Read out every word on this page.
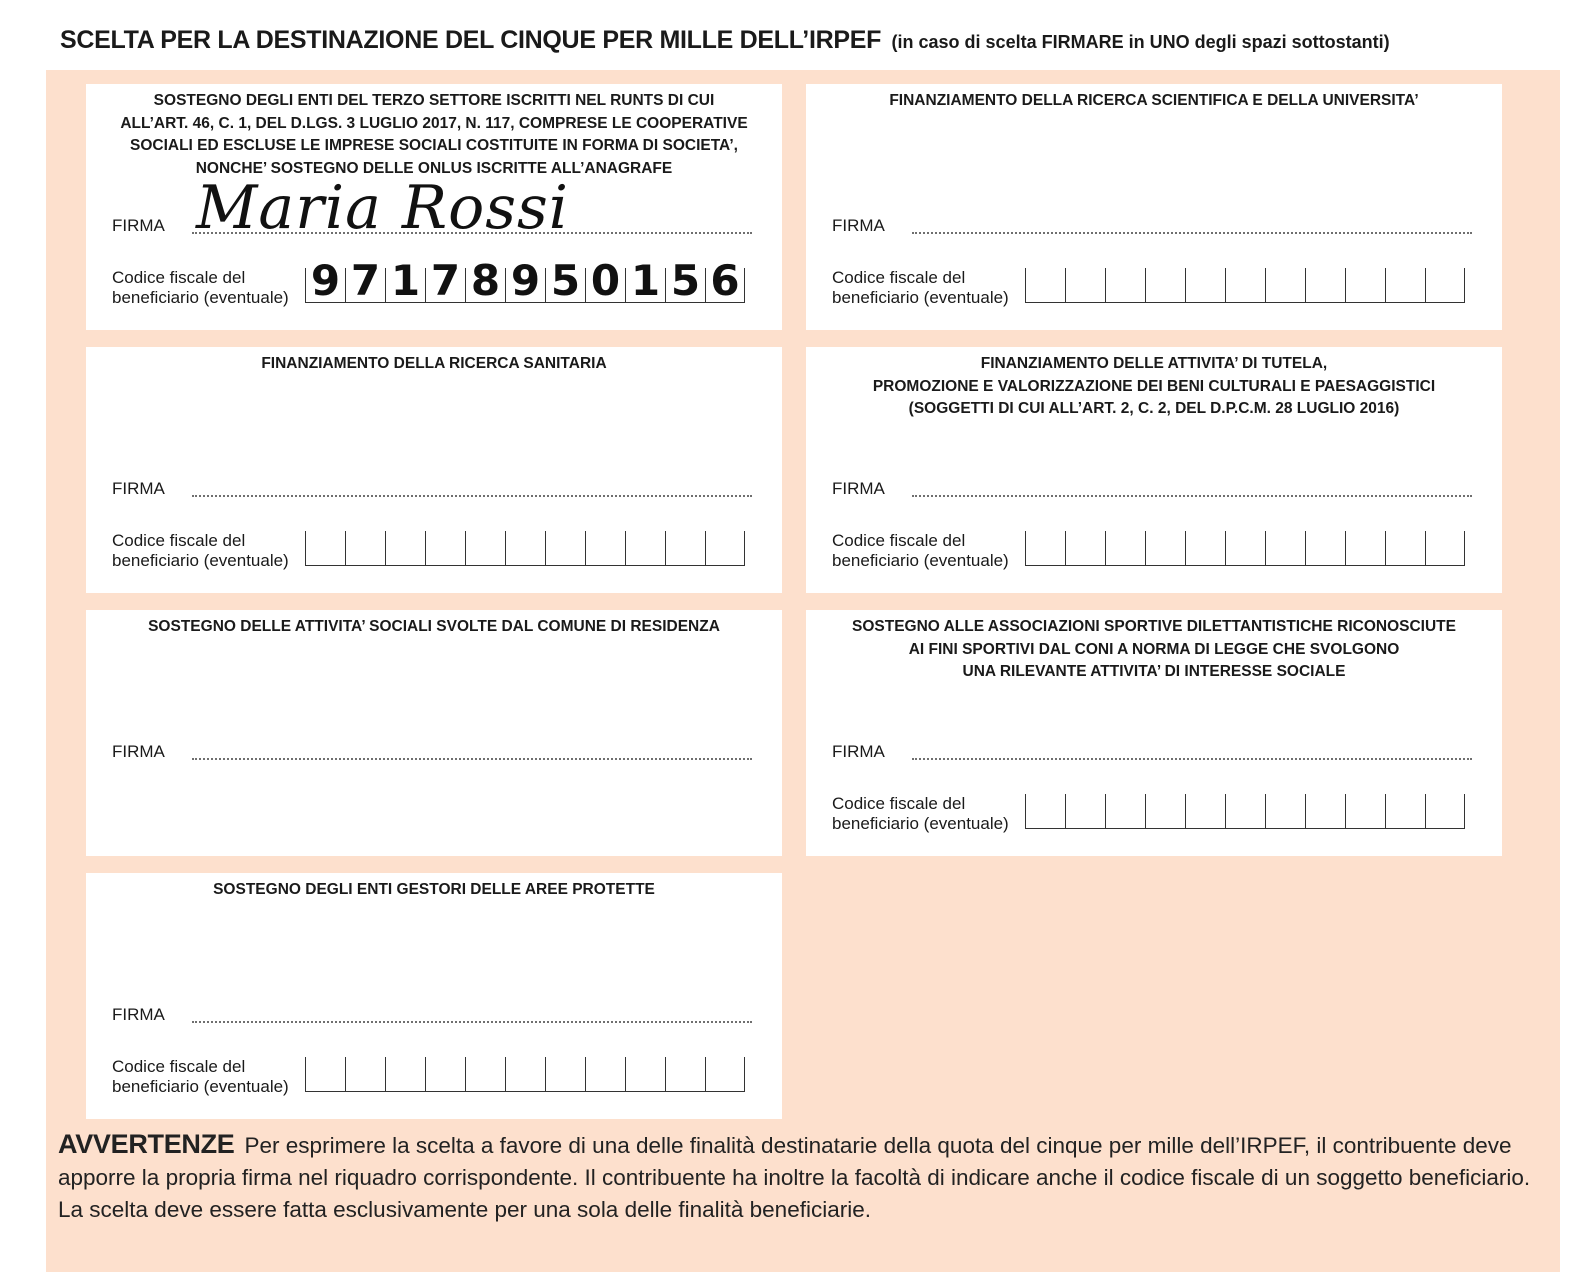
SCELTA PER LA DESTINAZIONE DEL CINQUE PER MILLE DELL’IRPEF (in caso di scelta FIRMARE in UNO degli spazi sottostanti)
SOSTEGNO DEGLI ENTI DEL TERZO SETTORE ISCRITTI NEL RUNTS DI CUI
ALL’ART. 46, C. 1, DEL D.LGS. 3 LUGLIO 2017, N. 117, COMPRESE LE COOPERATIVE
SOCIALI ED ESCLUSE LE IMPRESE SOCIALI COSTITUITE IN FORMA DI SOCIETA’,
NONCHE’ SOSTEGNO DELLE ONLUS ISCRITTE ALL’ANAGRAFE
FIRMA Maria Rossi
Codice fiscale del
beneficiario (eventuale) 9 7 1 7 8 9 5 0 1 5 6
FINANZIAMENTO DELLA RICERCA SCIENTIFICA E DELLA UNIVERSITA’
FIRMA
Codice fiscale del
beneficiario (eventuale)
FINANZIAMENTO DELLA RICERCA SANITARIA
FIRMA
Codice fiscale del
beneficiario (eventuale)
FINANZIAMENTO DELLE ATTIVITA’ DI TUTELA,
PROMOZIONE E VALORIZZAZIONE DEI BENI CULTURALI E PAESAGGISTICI
(SOGGETTI DI CUI ALL’ART. 2, C. 2, DEL D.P.C.M. 28 LUGLIO 2016)
FIRMA
Codice fiscale del
beneficiario (eventuale)
SOSTEGNO DELLE ATTIVITA’ SOCIALI SVOLTE DAL COMUNE DI RESIDENZA
FIRMA
SOSTEGNO ALLE ASSOCIAZIONI SPORTIVE DILETTANTISTICHE RICONOSCIUTE
AI FINI SPORTIVI DAL CONI A NORMA DI LEGGE CHE SVOLGONO
UNA RILEVANTE ATTIVITA’ DI INTERESSE SOCIALE
FIRMA
Codice fiscale del
beneficiario (eventuale)
SOSTEGNO DEGLI ENTI GESTORI DELLE AREE PROTETTE
FIRMA
Codice fiscale del
beneficiario (eventuale)
AVVERTENZE Per esprimere la scelta a favore di una delle finalità destinatarie della quota del cinque per mille dell’IRPEF, il contribuente deve apporre la propria firma nel riquadro corrispondente. Il contribuente ha inoltre la facoltà di indicare anche il codice fiscale di un soggetto beneficiario. La scelta deve essere fatta esclusivamente per una sola delle finalità beneficiarie.
